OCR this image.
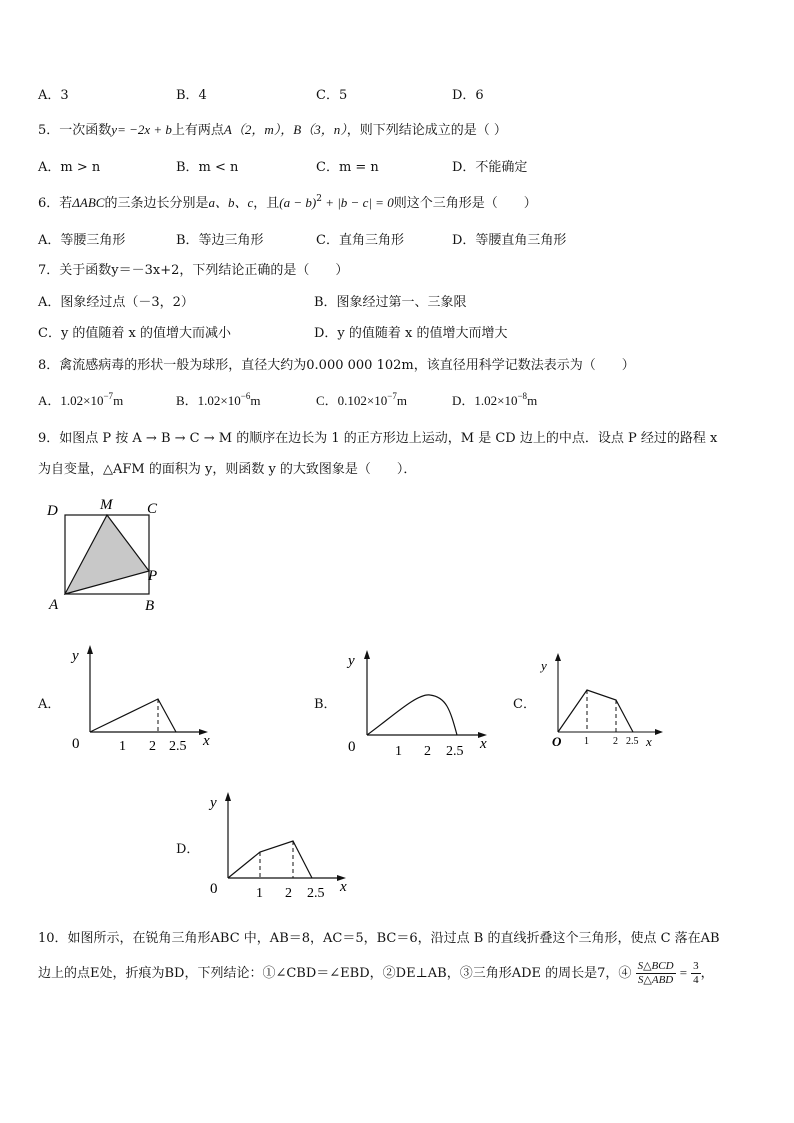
A．3	B．4	C．5	D．6
5．一次函数y= −2x + b上有两点A（2，m），B（3，n），则下列结论成立的是（ ）
A．m > n	B．m < n	C．m = n	D．不能确定
6．若ΔABC的三条边长分别是a、b、c，且$(a - b)^2 + |b - c| = 0$则这个三角形是（　　）
A．等腰三角形	B．等边三角形	C．直角三角形	D．等腰直角三角形
7．关于函数y＝－3x+2，下列结论正确的是（　　）
A．图象经过点（－3，2）	B．图象经过第一、三象限
C．y 的值随着 x 的值增大而减小	D．y 的值随着 x 的值增大而增大
8．禽流感病毒的形状一般为球形，直径大约为0.000 000 102m，该直径用科学记数法表示为（　　）
A．$1.02\times 10^{-7}m$	B．$1.02\times 10^{-6}m$	C．$0.102\times 10^{-7}m$	D．$1.02\times 10^{-8}m$
9．如图点 P 按 A → B → C → M 的顺序在边长为 1 的正方形边上运动，M 是 CD 边上的中点．设点 P 经过的路程 x
为自变量，△AFM 的面积为 y，则函数 y 的大致图象是（　　）．
D	M C
P
A	B
A．
y
x
0	1 2 2.5
B．
y
x
0	1 2 2.5
C．
y
x
O 1 2 2.5
D．
y
x
0	1 2 2.5
10．如图所示，在锐角三角形ABC 中，AB＝8，AC＝5，BC＝6，沿过点 B 的直线折叠这个三角形，使点 C 落在AB
边上的点E处，折痕为BD，下列结论：①∠CBD＝∠EBD，②DE⊥AB，③三角形ADE 的周长是7，④ $\frac{\text{S△BCD}}{\text{S△ABD}} = \frac{3}{4}$ ，
